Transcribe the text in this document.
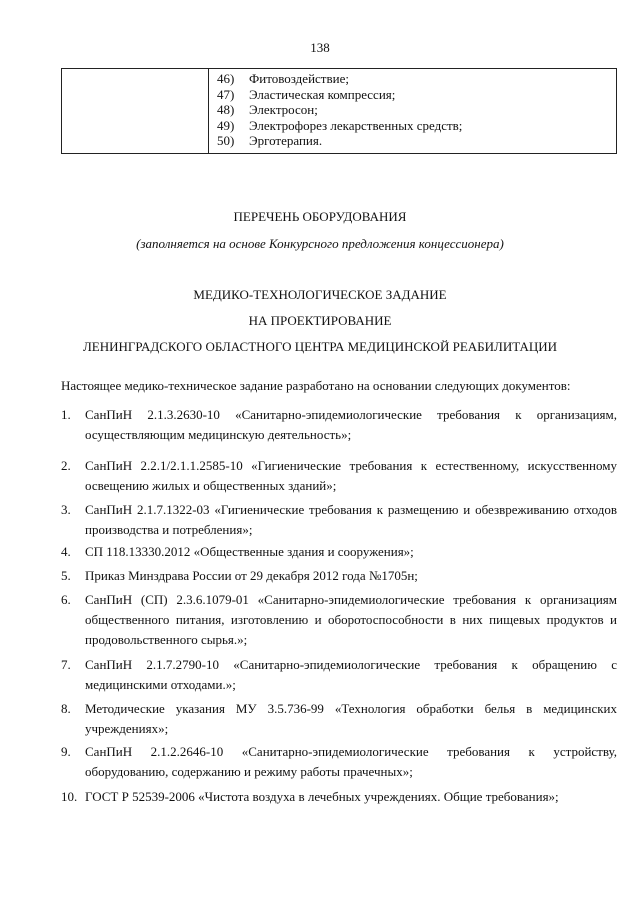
138

46)	Фитовоздействие;
47)	Эластическая компрессия;
48)	Электросон;
49)	Электрофорез лекарственных средств;
50)	Эрготерапия.
ПЕРЕЧЕНЬ ОБОРУДОВАНИЯ
(заполняется на основе Конкурсного предложения концессионера)
МЕДИКО-ТЕХНОЛОГИЧЕСКОЕ ЗАДАНИЕ
НА ПРОЕКТИРОВАНИЕ
ЛЕНИНГРАДСКОГО ОБЛАСТНОГО ЦЕНТРА МЕДИЦИНСКОЙ РЕАБИЛИТАЦИИ
Настоящее медико-техническое задание разработано на основании следующих документов:
1.	СанПиН 2.1.3.2630-10 «Санитарно-эпидемиологические требования к организациям, осуществляющим медицинскую деятельность»;
2.	СанПиН 2.2.1/2.1.1.2585-10 «Гигиенические требования к естественному, искусственному освещению жилых и общественных зданий»;
3.	СанПиН 2.1.7.1322-03 «Гигиенические требования к размещению и обезвреживанию отходов производства и потребления»;
4.	СП 118.13330.2012 «Общественные здания и сооружения»;
5.	Приказ Минздрава России от 29 декабря 2012 года №1705н;
6.	СанПиН (СП) 2.3.6.1079-01 «Санитарно-эпидемиологические требования к организациям общественного питания, изготовлению и оборотоспособности в них пищевых продуктов и продовольственного сырья.»;
7.	СанПиН 2.1.7.2790-10 «Санитарно-эпидемиологические требования к обращению с медицинскими отходами.»;
8.	Методические указания МУ 3.5.736-99 «Технология обработки белья в медицинских учреждениях»;
9.	СанПиН 2.1.2.2646-10 «Санитарно-эпидемиологические требования к устройству, оборудованию, содержанию и режиму работы прачечных»;
10. ГОСТ Р 52539-2006 «Чистота воздуха в лечебных учреждениях. Общие требования»;
